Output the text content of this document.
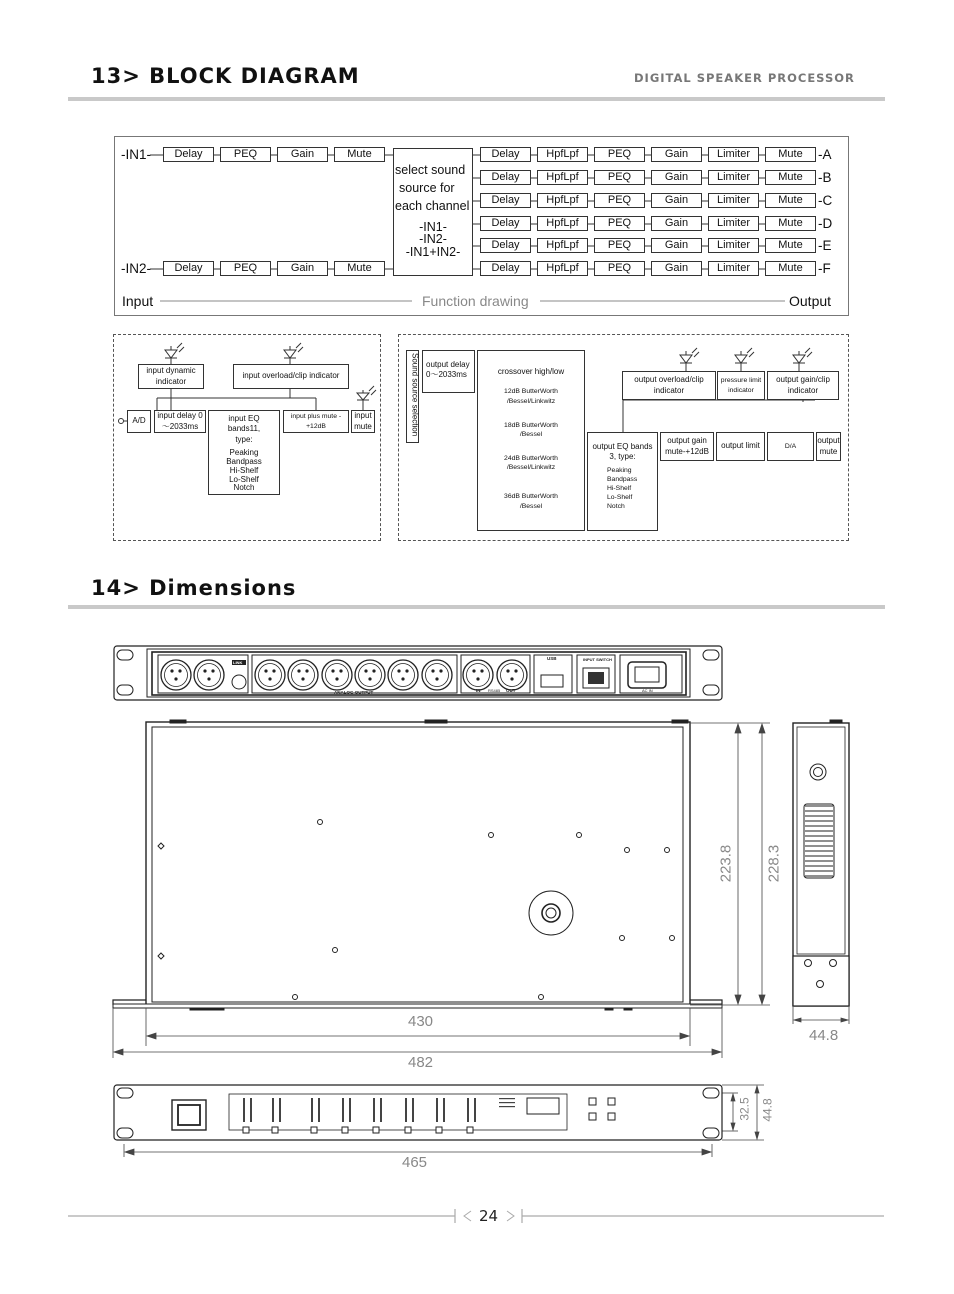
13> BLOCK DIAGRAM	DIGITAL SPEAKER PROCESSOR
-IN1-
-IN2-
Delay	PEQ	Gain	Mute
Delay	PEQ	Gain	Mute
select sound
source for
each channel
-IN1-
-IN2-
-IN1+IN2-
Delay	HpfLpf	PEQ	Gain	Limiter	Mute
Delay	HpfLpf	PEQ	Gain	Limiter	Mute
Delay	HpfLpf	PEQ	Gain	Limiter	Mute
Delay	HpfLpf	PEQ	Gain	Limiter	Mute
Delay	HpfLpf	PEQ	Gain	Limiter	Mute
Delay	HpfLpf	PEQ	Gain	Limiter	Mute
-A
-B
-C
-D
-E
-F
Input	Function drawing	Output
input dynamic indicator
input overload/clip indicator
A/D
input delay 0～2033ms
input EQ bands11, type:
Peaking
Bandpass
Hi-Shelf
Lo-Shelf
Notch
input plus mute -+12dB
input mute	Sound source selection output delay 0～2033ms	crossover high/low
12dB ButterWorth /Bessel/Linkwitz
18dB ButterWorth /Bessel
24dB ButterWorth /Bessel/Linkwitz
36dB ButterWorth /Bessel
output EQ bands 3, type:
Peaking
Bandpass
Hi-Shelf
Lo-Shelf
Notch
output overload/clip indicator
pressure limit indicator
output gain/clip indicator
output gain mute-+12dB
output limit	D/A
output mute
14> Dimensions
ANALOG OUTPUT
USB	INPUT SWITCH
LINK
IN RS485 OUT	AC IN
430
482
223.8 228.3
44.8
32.5 44.8
465
24
